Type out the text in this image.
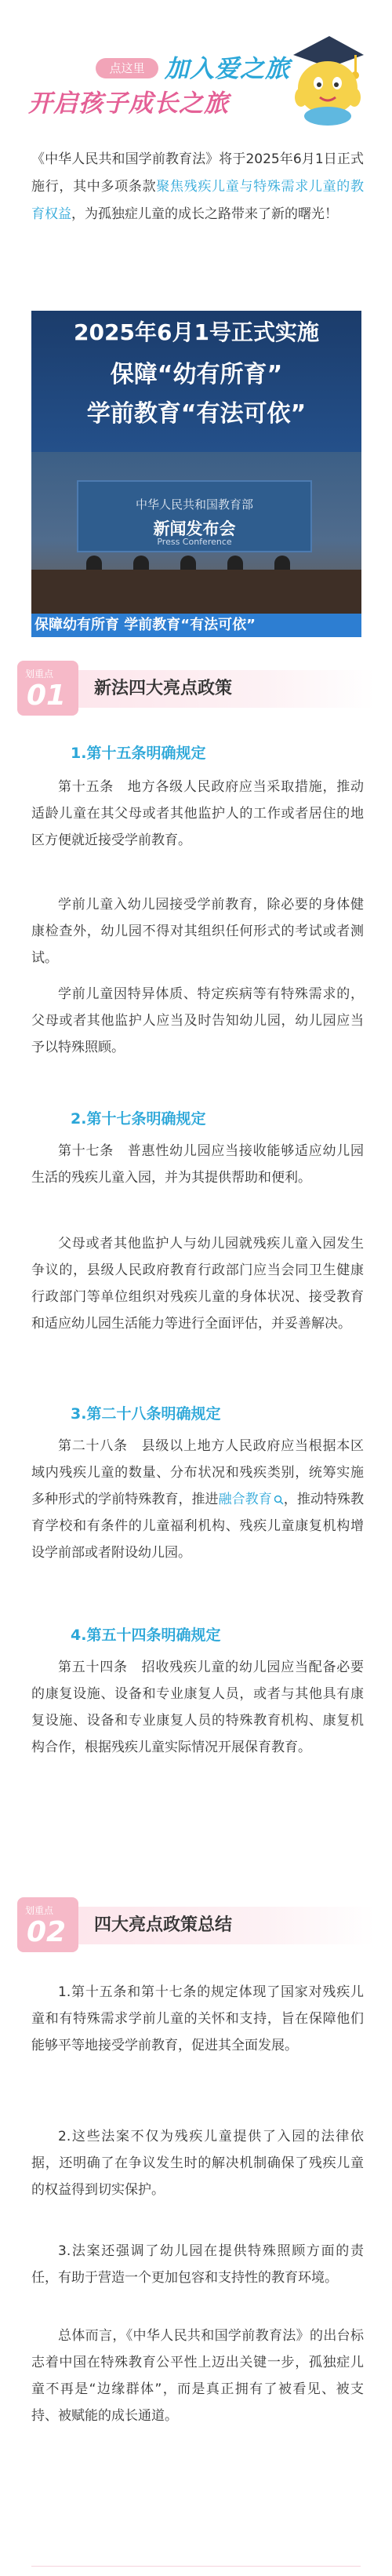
点这里 加入爱之旅
开启孩子成长之旅
《中华人民共和国学前教育法》将于2025年6月1日正式施行，其中多项条款聚焦残疾儿童与特殊需求儿童的教育权益，为孤独症儿童的成长之路带来了新的曙光！
2025年6月1号正式实施
保障“幼有所育”
学前教育“有法可依”
中华人民共和国教育部
新闻发布会
Press Conference
保障幼有所育 学前教育“有法可依”
划重点
01 新法四大亮点政策
1.第十五条明确规定
第十五条　地方各级人民政府应当采取措施，推动适龄儿童在其父母或者其他监护人的工作或者居住的地区方便就近接受学前教育。
学前儿童入幼儿园接受学前教育，除必要的身体健康检查外，幼儿园不得对其组织任何形式的考试或者测试。
学前儿童因特异体质、特定疾病等有特殊需求的，父母或者其他监护人应当及时告知幼儿园，幼儿园应当予以特殊照顾。
2.第十七条明确规定
第十七条　普惠性幼儿园应当接收能够适应幼儿园生活的残疾儿童入园，并为其提供帮助和便利。
父母或者其他监护人与幼儿园就残疾儿童入园发生争议的，县级人民政府教育行政部门应当会同卫生健康行政部门等单位组织对残疾儿童的身体状况、接受教育和适应幼儿园生活能力等进行全面评估，并妥善解决。
3.第二十八条明确规定
第二十八条　县级以上地方人民政府应当根据本区域内残疾儿童的数量、分布状况和残疾类别，统筹实施多种形式的学前特殊教育，推进融合教育 ，推动特殊教育学校和有条件的儿童福利机构、残疾儿童康复机构增设学前部或者附设幼儿园。
4.第五十四条明确规定
第五十四条　招收残疾儿童的幼儿园应当配备必要的康复设施、设备和专业康复人员，或者与其他具有康复设施、设备和专业康复人员的特殊教育机构、康复机构合作，根据残疾儿童实际情况开展保育教育。
划重点
02 四大亮点政策总结
1.第十五条和第十七条的规定体现了国家对残疾儿童和有特殊需求学前儿童的关怀和支持，旨在保障他们能够平等地接受学前教育，促进其全面发展。
2.这些法案不仅为残疾儿童提供了入园的法律依据，还明确了在争议发生时的解决机制确保了残疾儿童的权益得到切实保护。
3.法案还强调了幼儿园在提供特殊照顾方面的责任，有助于营造一个更加包容和支持性的教育环境。
总体而言，《中华人民共和国学前教育法》的出台标志着中国在特殊教育公平性上迈出关键一步，孤独症儿童不再是“边缘群体”，而是真正拥有了被看见、被支持、被赋能的成长通道。
